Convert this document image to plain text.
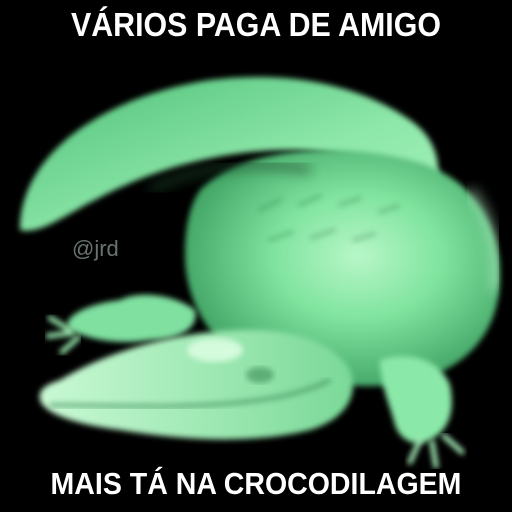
@jrd
VÁRIOS PAGA DE AMIGO
MAIS TÁ NA CROCODILAGEM
